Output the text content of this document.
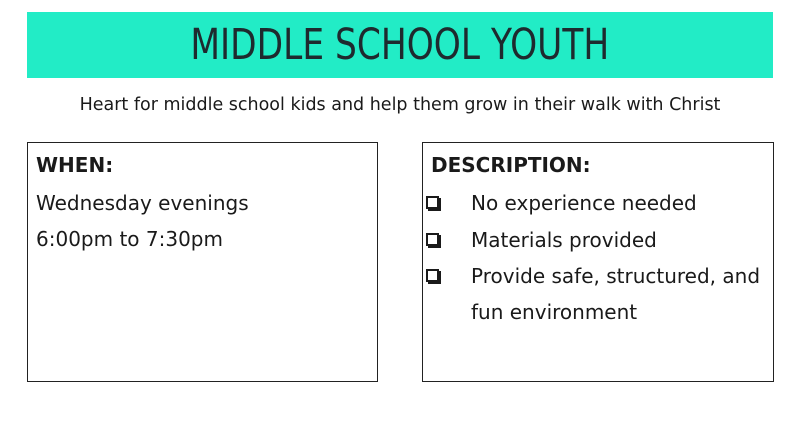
MIDDLE SCHOOL YOUTH
Heart for middle school kids and help them grow in their walk with Christ
WHEN:
Wednesday evenings
6:00pm to 7:30pm
DESCRIPTION:
No experience needed
Materials provided
Provide safe, structured, and fun environment
